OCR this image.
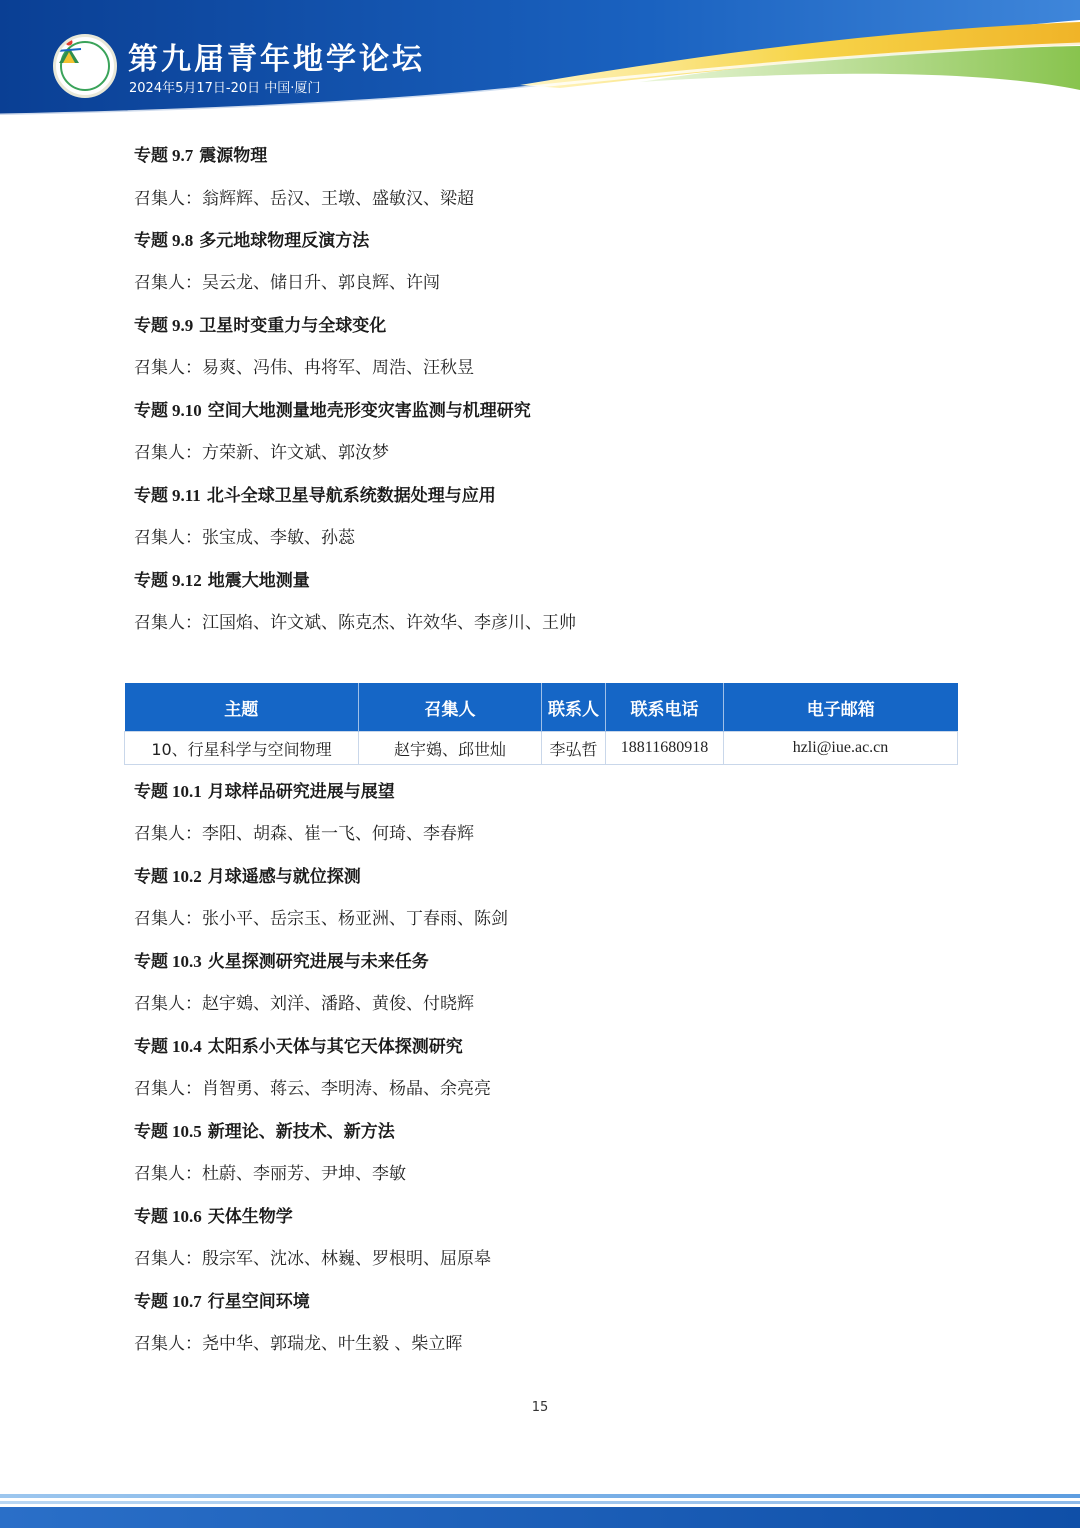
第九届青年地学论坛
2024年5月17日-20日 中国·厦门
专题 9.7 震源物理
召集人：翁辉辉、岳汉、王墩、盛敏汉、梁超
专题 9.8 多元地球物理反演方法
召集人：吴云龙、储日升、郭良辉、许闯
专题 9.9 卫星时变重力与全球变化
召集人：易爽、冯伟、冉将军、周浩、汪秋昱
专题 9.10 空间大地测量地壳形变灾害监测与机理研究
召集人：方荣新、许文斌、郭汝梦
专题 9.11 北斗全球卫星导航系统数据处理与应用
召集人：张宝成、李敏、孙蕊
专题 9.12 地震大地测量
召集人：江国焰、许文斌、陈克杰、许效华、李彦川、王帅
主题	召集人	联系人	联系电话	电子邮箱
10、行星科学与空间物理	赵宇鴳、邱世灿	李弘哲	18811680918	hzli@iue.ac.cn
专题 10.1 月球样品研究进展与展望
召集人：李阳、胡森、崔一飞、何琦、李春辉
专题 10.2 月球遥感与就位探测
召集人：张小平、岳宗玉、杨亚洲、丁春雨、陈剑
专题 10.3 火星探测研究进展与未来任务
召集人：赵宇鴳、刘洋、潘路、黄俊、付晓辉
专题 10.4 太阳系小天体与其它天体探测研究
召集人：肖智勇、蒋云、李明涛、杨晶、余亮亮
专题 10.5 新理论、新技术、新方法
召集人：杜蔚、李丽芳、尹坤、李敏
专题 10.6 天体生物学
召集人：殷宗军、沈冰、林巍、罗根明、屈原皋
专题 10.7 行星空间环境
召集人：尧中华、郭瑞龙、叶生毅 、柴立晖
15
